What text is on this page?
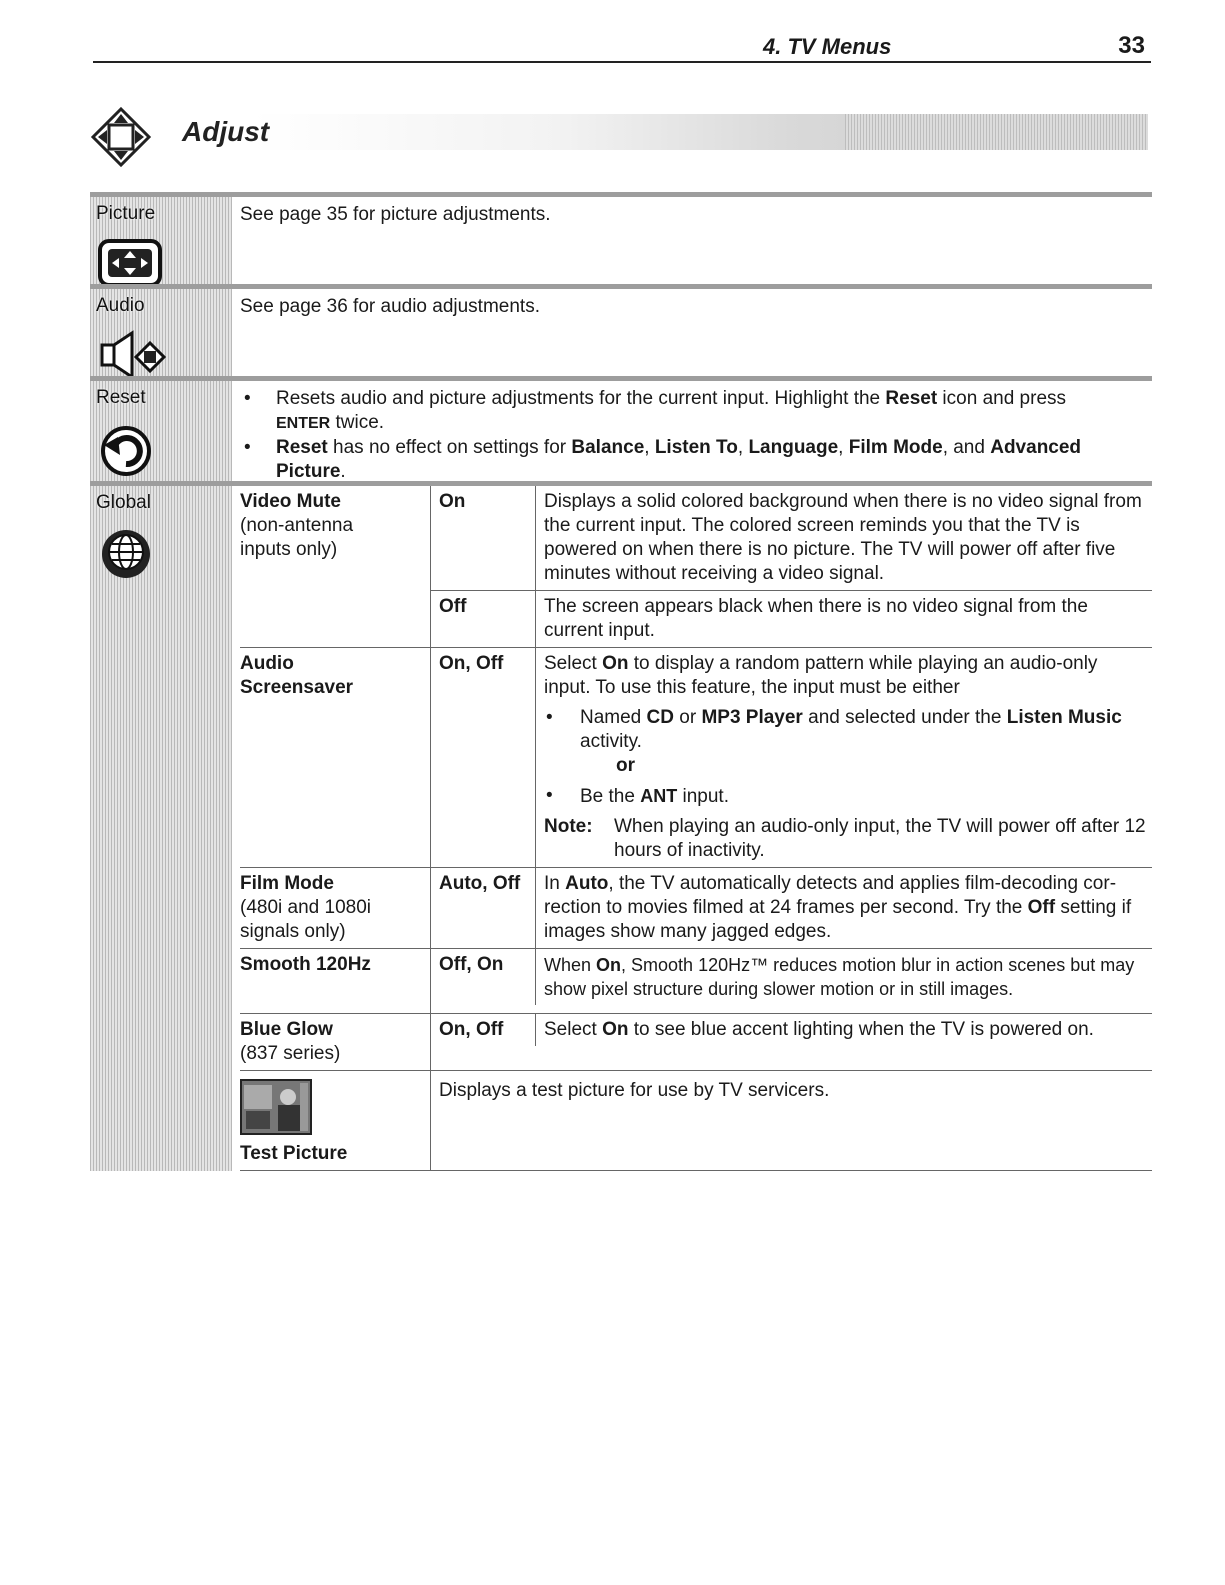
4. TV Menus	33
Adjust
Picture	See page 35 for picture adjustments.
Audio	See page 36 for audio adjustments.
Reset
•	Resets audio and picture adjustments for the current input. Highlight the Reset icon and press
ENTER twice.
• Reset has no effect on settings for Balance, Listen To, Language, Film Mode, and Advanced Picture.
Global	Video Mute
(non-antenna inputs only)
On	Displays a solid colored background when there is no video signal from the current input. The colored screen reminds you that the TV is powered on when there is no picture. The TV will power off after five minutes without receiving a video signal.
Off	The screen appears black when there is no video signal from the current input.
Audio Screensaver
On, Off	Select On to display a random pattern while playing an audio-only input. To use this feature, the input must be either
• Named CD or MP3 Player and selected under the Listen Music activity.
or
• Be the ANT input.
Note:	When playing an audio-only input, the TV will power off after 12 hours of inactivity.
Film Mode
(480i and 1080i signals only)
Auto, Off	In Auto, the TV automatically detects and applies film-decoding cor-rection to movies filmed at 24 frames per second. Try the Off setting if images show many jagged edges.
Smooth 120Hz	Off, On	When On, Smooth 120Hz™ reduces motion blur in action scenes but may show pixel structure during slower motion or in still images.
Blue Glow
(837 series)
On, Off	Select On to see blue accent lighting when the TV is powered on.

Test Picture
Displays a test picture for use by TV servicers.
